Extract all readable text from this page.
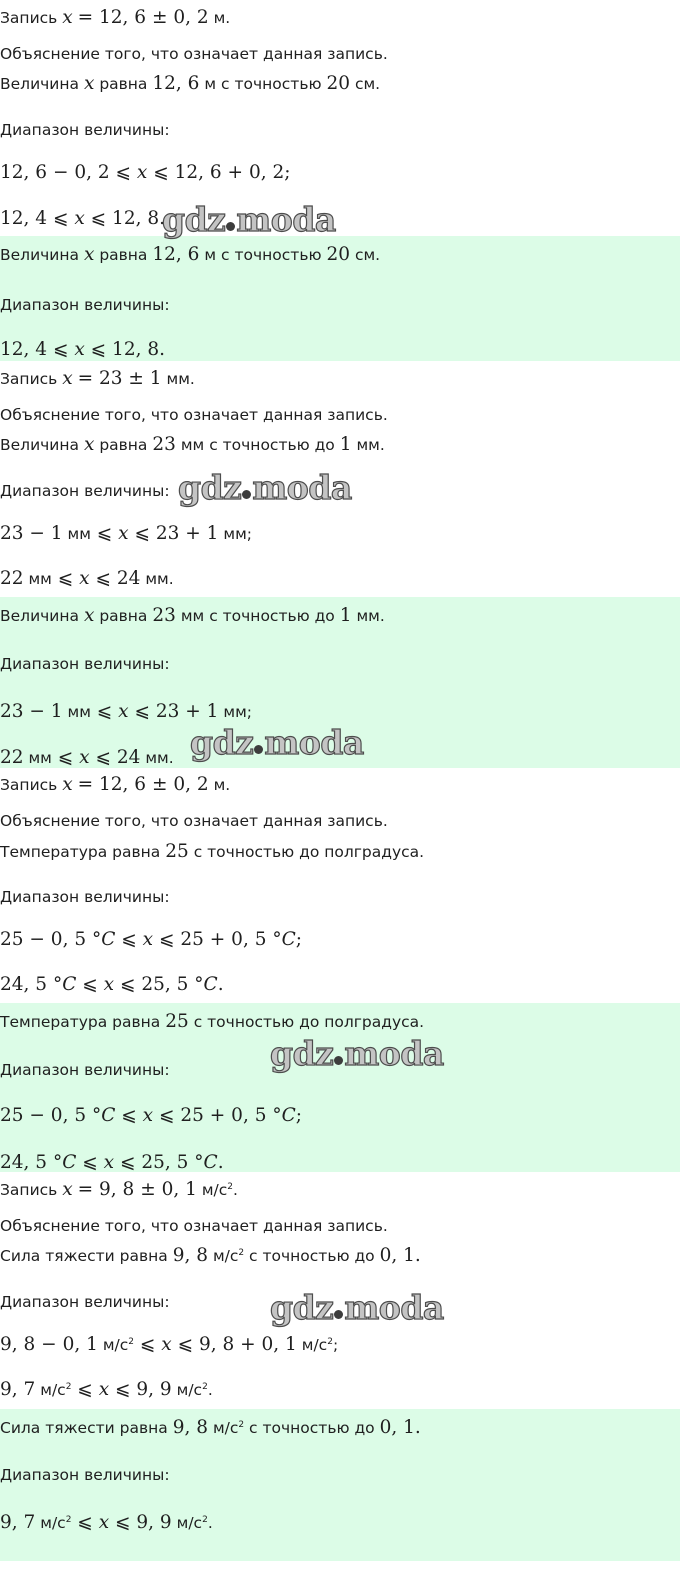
Запись x = 12, 6 ± 0, 2 м.
Объяснение того, что означает данная запись.
Величина x равна 12, 6 м с точностью 20 см.
Диапазон величины:
12, 6 − 0, 2 ⩽ x ⩽ 12, 6 + 0, 2;
12, 4 ⩽ x ⩽ 12, 8.
Величина x равна 12, 6 м с точностью 20 см.
Диапазон величины:
12, 4 ⩽ x ⩽ 12, 8.
Запись x = 23 ± 1 мм.
Объяснение того, что означает данная запись.
Величина x равна 23 мм с точностью до 1 мм.
Диапазон величины:
23 − 1 мм ⩽ x ⩽ 23 + 1 мм;
22 мм ⩽ x ⩽ 24 мм.
Величина x равна 23 мм с точностью до 1 мм.
Диапазон величины:
23 − 1 мм ⩽ x ⩽ 23 + 1 мм;
22 мм ⩽ x ⩽ 24 мм.
Запись x = 12, 6 ± 0, 2 м.
Объяснение того, что означает данная запись.
Температура равна 25 с точностью до полградуса.
Диапазон величины:
25 − 0, 5 °C ⩽ x ⩽ 25 + 0, 5 °C;
24, 5 °C ⩽ x ⩽ 25, 5 °C.
Температура равна 25 с точностью до полградуса.
Диапазон величины:
25 − 0, 5 °C ⩽ x ⩽ 25 + 0, 5 °C;
24, 5 °C ⩽ x ⩽ 25, 5 °C.
Запись x = 9, 8 ± 0, 1 $м/с^2$.
Объяснение того, что означает данная запись.
Сила тяжести равна 9, 8 $м/с^2$ с точностью до 0, 1.
Диапазон величины:
9, 8 − 0, 1 $м/с^2$ ⩽ x ⩽ 9, 8 + 0, 1 $м/с^2$;
9, 7 $м/с^2$ ⩽ x ⩽ 9, 9 $м/с^2$.
Сила тяжести равна 9, 8 $м/с^2$ с точностью до 0, 1.
Диапазон величины:
9, 7 $м/с^2$ ⩽ x ⩽ 9, 9 $м/с^2$.
gdz moda
gdz moda
gdz moda
gdz moda
gdz moda
